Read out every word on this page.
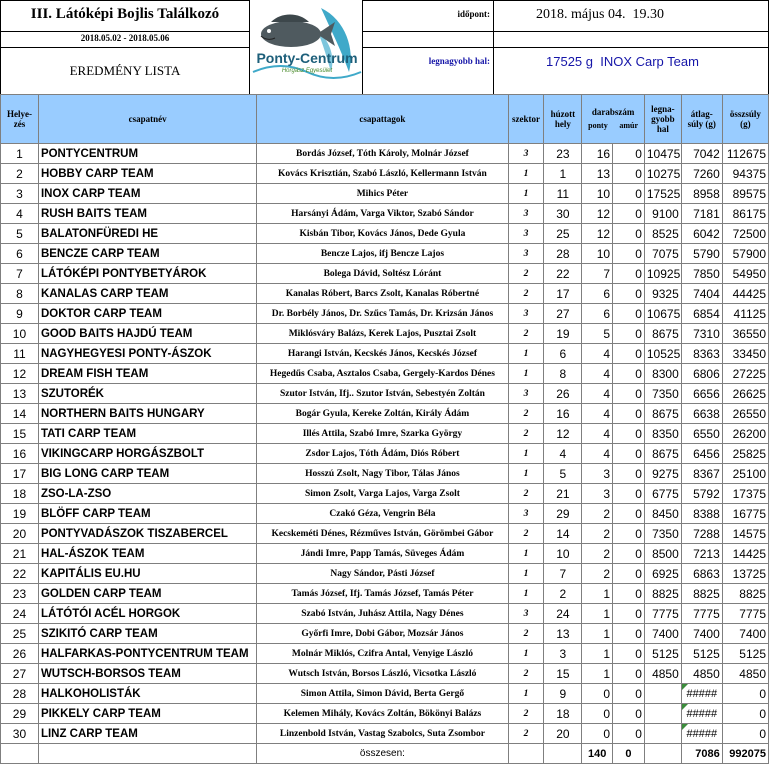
III. Látóképi Bojlis Találkozó
2018.05.02 - 2018.05.06
EREDMÉNY LISTA
Ponty-Centrum
Horgász Egyesület
időpont:	2018. május 04.  19.30
legnagyobb hal:	17525 g  INOX Carp Team
Helye-zés	csapatnév	csapattagok	szektor	húzott hely	darabszám
ponty amúr		legna-gyobb hal	átlag-súly (g)	összsúly (g)
1	PONTYCENTRUM	Bordás József, Tóth Károly, Molnár József	3	23	16	0	10475	7042	112675
2	HOBBY CARP TEAM	Kovács Krisztián, Szabó László, Kellermann István	1	1	13	0	10275	7260	94375
3	INOX CARP TEAM	Mihics Péter	1	11	10	0	17525	8958	89575
4	RUSH BAITS TEAM	Harsányi Ádám, Varga Viktor, Szabó Sándor	3	30	12	0	9100	7181	86175
5	BALATONFÜREDI HE	Kisbán Tibor, Kovács János, Dede Gyula	3	25	12	0	8525	6042	72500
6	BENCZE CARP TEAM	Bencze Lajos, ifj Bencze Lajos	3	28	10	0	7075	5790	57900
7	LÁTÓKÉPI PONTYBETYÁROK	Bolega Dávid, Soltész Lóránt	2	22	7	0	10925	7850	54950
8	KANALAS CARP TEAM	Kanalas Róbert, Barcs Zsolt, Kanalas Róbertné	2	17	6	0	9325	7404	44425
9	DOKTOR CARP TEAM	Dr. Borbély János, Dr. Szűcs Tamás, Dr. Krizsán János	3	27	6	0	10675	6854	41125
10	GOOD BAITS HAJDÚ TEAM	Miklósváry Balázs, Kerek Lajos, Pusztai Zsolt	2	19	5	0	8675	7310	36550
11	NAGYHEGYESI PONTY-ÁSZOK	Harangi István, Kecskés János, Kecskés József	1	6	4	0	10525	8363	33450
12	DREAM FISH TEAM	Hegedűs Csaba, Asztalos Csaba, Gergely-Kardos Dénes	1	8	4	0	8300	6806	27225
13	SZUTORÉK	Szutor István, Ifj.. Szutor István, Sebestyén Zoltán	3	26	4	0	7350	6656	26625
14	NORTHERN BAITS HUNGARY	Bogár Gyula, Kereke Zoltán, Király Ádám	2	16	4	0	8675	6638	26550
15	TATI CARP TEAM	Illés Attila, Szabó Imre, Szarka György	2	12	4	0	8350	6550	26200
16	VIKINGCARP HORGÁSZBOLT	Zsdor Lajos, Tóth Ádám, Diós Róbert	1	4	4	0	8675	6456	25825
17	BIG LONG CARP TEAM	Hosszú Zsolt, Nagy Tibor, Tálas János	1	5	3	0	9275	8367	25100
18	ZSO-LA-ZSO	Simon Zsolt, Varga Lajos, Varga Zsolt	2	21	3	0	6775	5792	17375
19	BLÖFF CARP TEAM	Czakó Géza, Vengrin Béla	3	29	2	0	8450	8388	16775
20	PONTYVADÁSZOK TISZABERCEL	Kecskeméti Dénes, Rézműves István, Görömbei Gábor	2	14	2	0	7350	7288	14575
21	HAL-ÁSZOK TEAM	Jándi Imre, Papp Tamás, Süveges Ádám	1	10	2	0	8500	7213	14425
22	KAPITÁLIS EU.HU	Nagy Sándor, Pásti József	1	7	2	0	6925	6863	13725
23	GOLDEN CARP TEAM	Tamás József, Ifj. Tamás József, Tamás Péter	1	2	1	0	8825	8825	8825
24	LÁTÓTÓI ACÉL HORGOK	Szabó István, Juhász Attila, Nagy Dénes	3	24	1	0	7775	7775	7775
25	SZIKITÓ CARP TEAM	Győrfi Imre, Dobi Gábor, Mozsár János	2	13	1	0	7400	7400	7400
26	HALFARKAS-PONTYCENTRUM TEAM	Molnár Miklós, Czifra Antal, Venyige László	1	3	1	0	5125	5125	5125
27	WUTSCH-BORSOS TEAM	Wutsch István, Borsos László, Vicsotka László	2	15	1	0	4850	4850	4850
28	HALKOHOLISTÁK	Simon Attila, Simon Dávid, Berta Gergő	1	9	0	0		#####	0
29	PIKKELY CARP TEAM	Kelemen Mihály, Kovács Zoltán, Bökönyi Balázs	2	18	0	0		#####	0
30	LINZ CARP TEAM	Linzenbold István, Vastag Szabolcs, Suta Zsombor	2	20	0	0		#####	0
		összesen:			140	0		7086	992075
